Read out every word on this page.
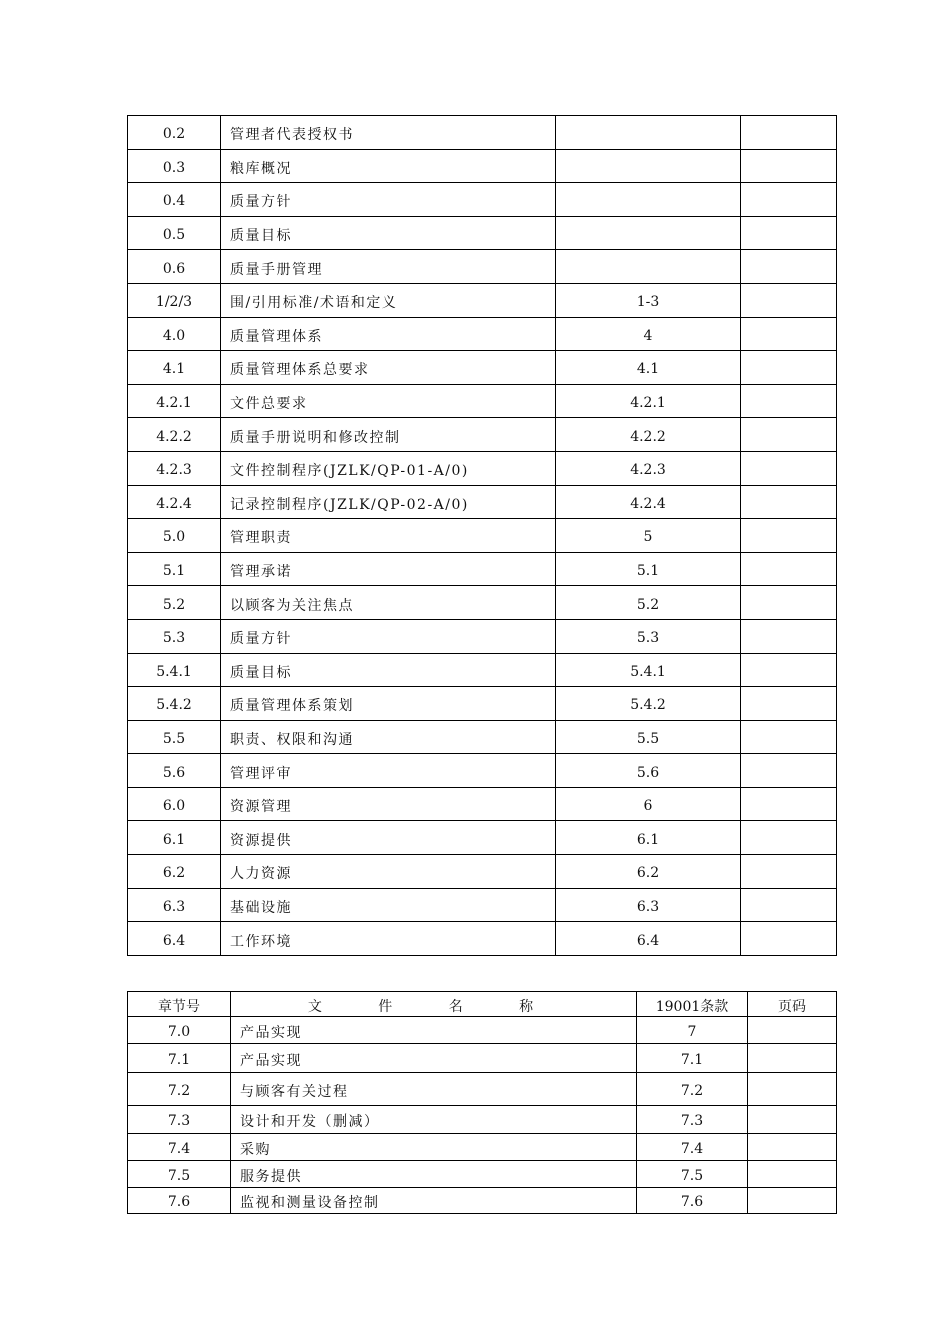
0.2	管理者代表授权书		
0.3	粮库概况		
0.4	质量方针		
0.5	质量目标		
0.6	质量手册管理		
1/2/3	围/引用标准/术语和定义	1-3	
4.0	质量管理体系	4	
4.1	质量管理体系总要求	4.1	
4.2.1	文件总要求	4.2.1	
4.2.2	质量手册说明和修改控制	4.2.2	
4.2.3	文件控制程序(JZLK/QP-01-A/0)	4.2.3	
4.2.4	记录控制程序(JZLK/QP-02-A/0)	4.2.4	
5.0	管理职责	5	
5.1	管理承诺	5.1	
5.2	以顾客为关注焦点	5.2	
5.3	质量方针	5.3	
5.4.1	质量目标	5.4.1	
5.4.2	质量管理体系策划	5.4.2	
5.5	职责、权限和沟通	5.5	
5.6	管理评审	5.6	
6.0	资源管理	6	
6.1	资源提供	6.1	
6.2	人力资源	6.2	
6.3	基础设施	6.3	
6.4	工作环境	6.4	
章节号	文 件 名 称	19001条款	页码
7.0	产品实现	7	
7.1	产品实现	7.1	
7.2	与顾客有关过程	7.2	
7.3	设计和开发（删减）	7.3	
7.4	采购	7.4	
7.5	服务提供	7.5	
7.6	监视和测量设备控制	7.6	
